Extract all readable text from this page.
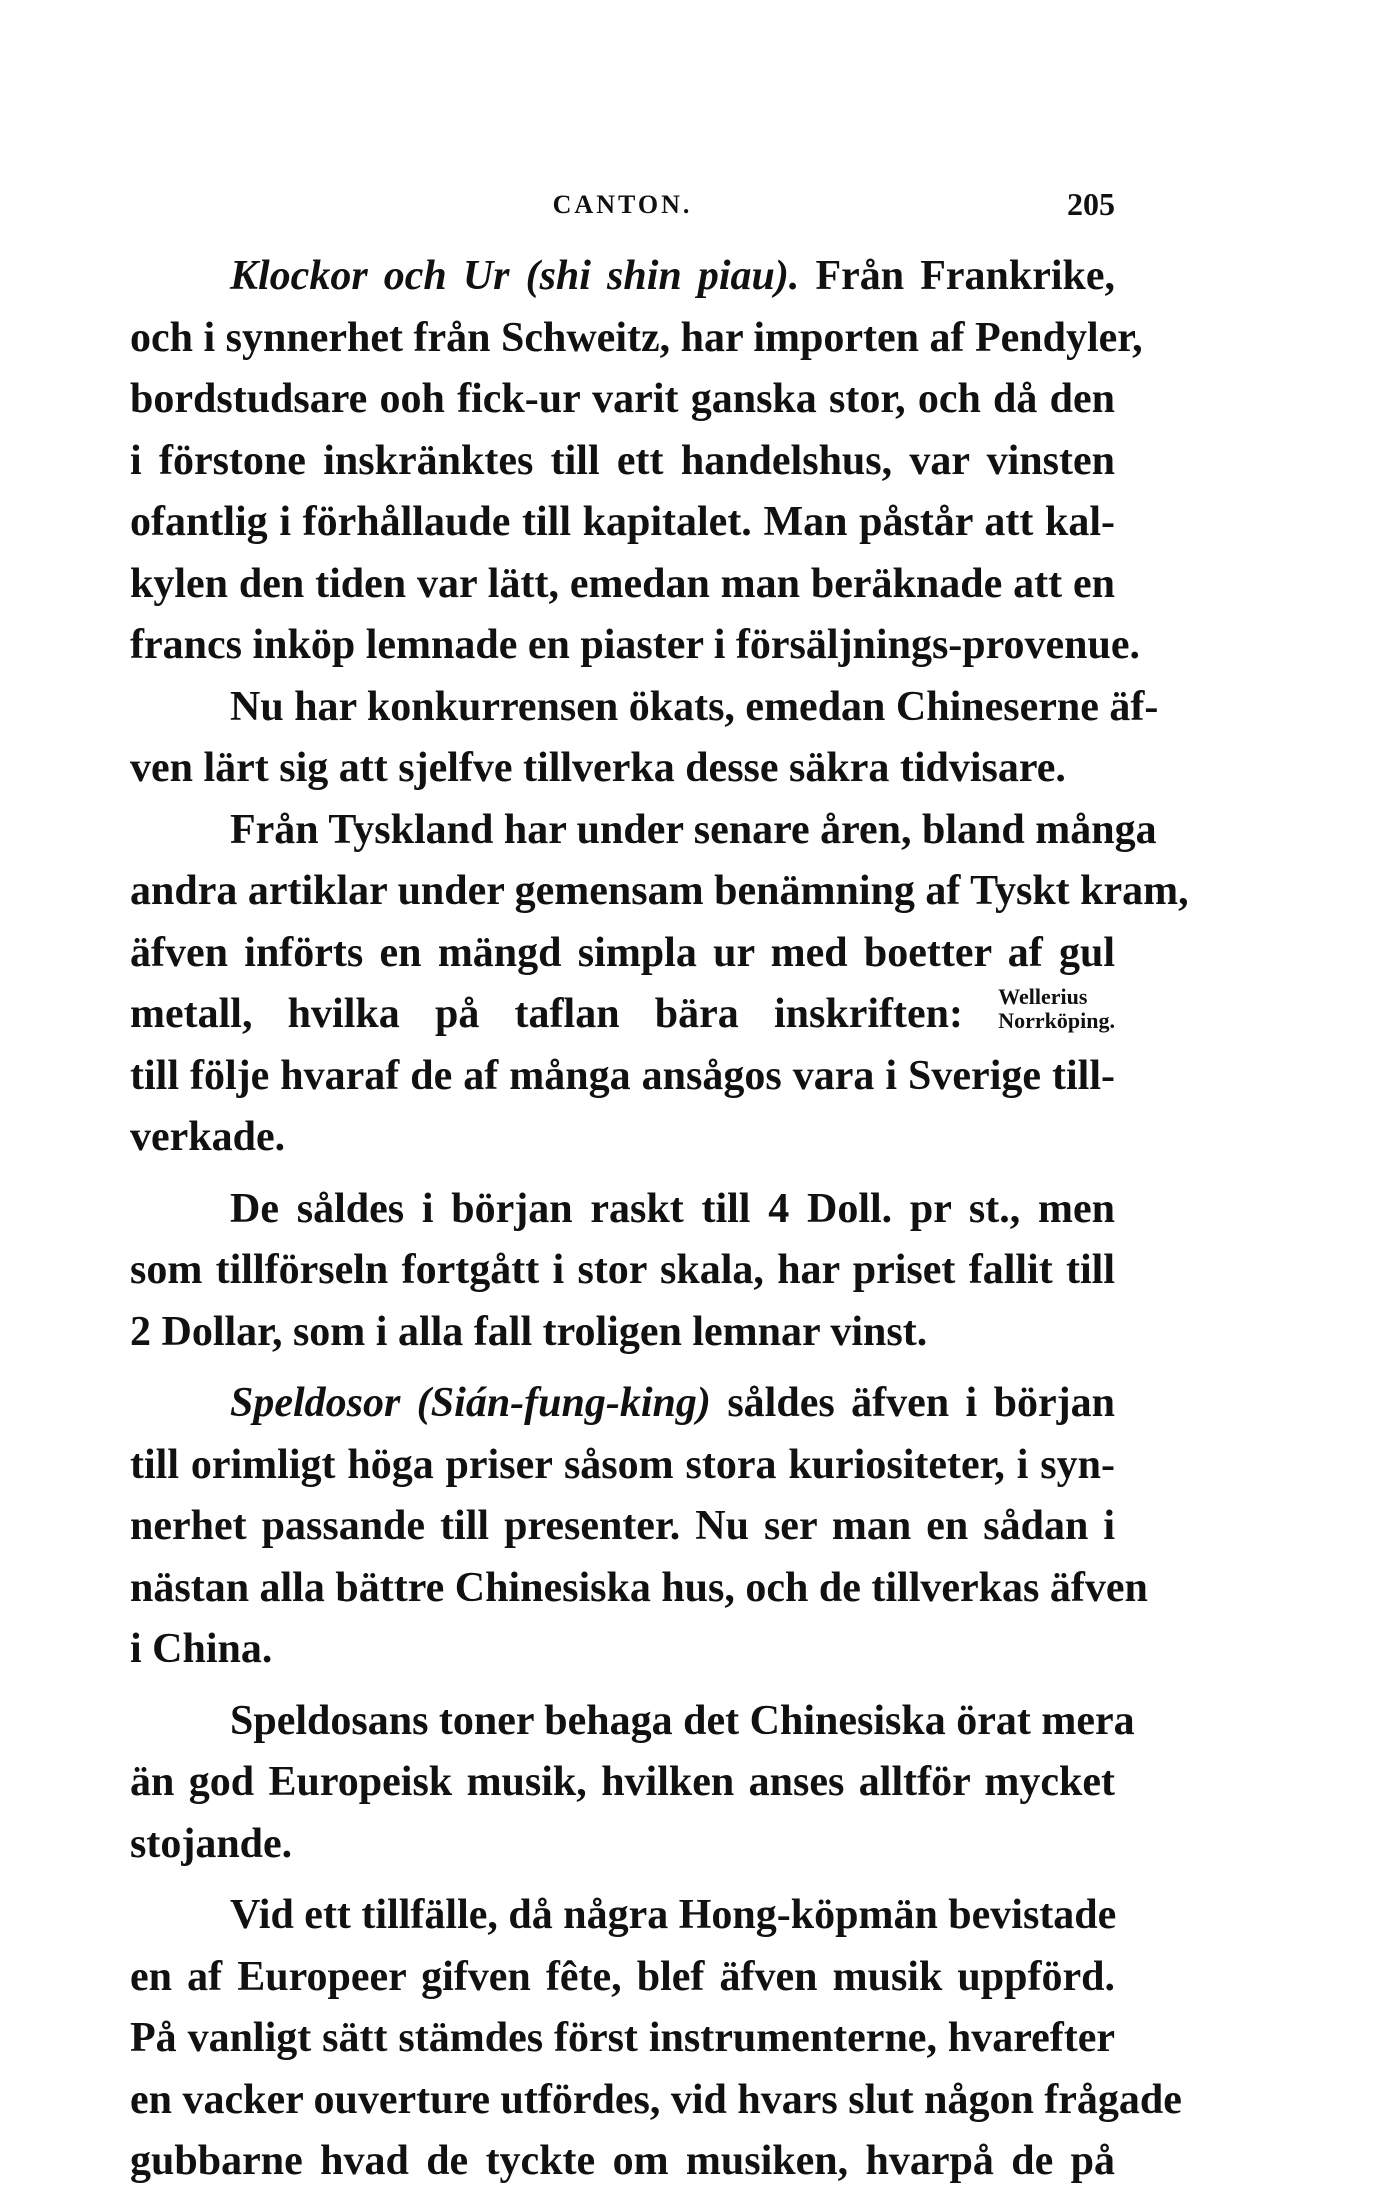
CANTON.	205
Klockor och Ur (shi shin piau). Från Frankrike,
och i synnerhet från Schweitz, har importen af Pendyler,
bordstudsare ooh fick-ur varit ganska stor, och då den
i förstone inskränktes till ett handelshus, var vinsten
ofantlig i förhållaude till kapitalet. Man påstår att kal-
kylen den tiden var lätt, emedan man beräknade att en
francs inköp lemnade en piaster i försäljnings-provenue.
Nu har konkurrensen ökats, emedan Chineserne äf-
ven lärt sig att sjelfve tillverka desse säkra tidvisare.
Från Tyskland har under senare åren, bland många
andra artiklar under gemensam benämning af Tyskt kram,
äfven införts en mängd simpla ur med boetter af gul
metall, hvilka på taflan bära inskriften: Wellerius
Norrköping.
till följe hvaraf de af många ansågos vara i Sverige till-
verkade.
De såldes i början raskt till 4 Doll. pr st., men
som tillförseln fortgått i stor skala, har priset fallit till
2 Dollar, som i alla fall troligen lemnar vinst.
Speldosor (Sián-fung-king) såldes äfven i början
till orimligt höga priser såsom stora kuriositeter, i syn-
nerhet passande till presenter. Nu ser man en sådan i
nästan alla bättre Chinesiska hus, och de tillverkas äfven
i China.
Speldosans toner behaga det Chinesiska örat mera
än god Europeisk musik, hvilken anses alltför mycket
stojande.
Vid ett tillfälle, då några Hong-köpmän bevistade
en af Europeer gifven fête, blef äfven musik uppförd.
På vanligt sätt stämdes först instrumenterne, hvarefter
en vacker ouverture utfördes, vid hvars slut någon frågade
gubbarne hvad de tyckte om musiken, hvarpå de på
